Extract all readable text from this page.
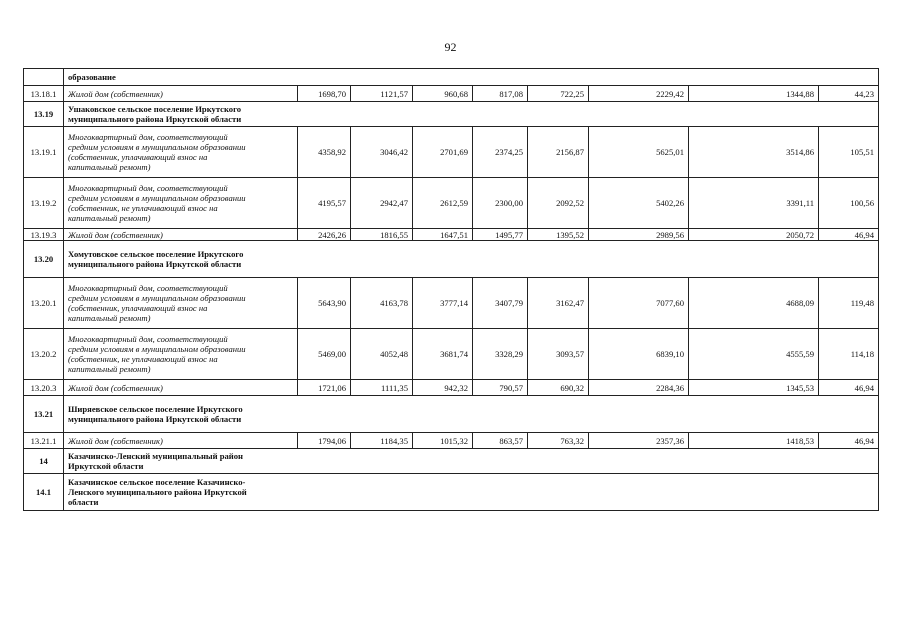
92

	образование								

13.18.1	Жилой дом (собственник)	1698,70	1121,57	960,68	817,08	722,25	2229,42	1344,88	44,23
13.19	Ушаковское сельское поселение Иркутского муниципального района Иркутской области								

13.19.1	Многоквартирный дом, соответствующий средним условиям в муниципальном образовании (собственник, уплачивающий взнос на капитальный ремонт)	4358,92	3046,42	2701,69	2374,25	2156,87	5625,01	3514,86	105,51
13.19.2	Многоквартирный дом, соответствующий средним условиям в муниципальном образовании (собственник, не уплачивающий взнос на капитальный ремонт)	4195,57	2942,47	2612,59	2300,00	2092,52	5402,26	3391,11	100,56
13.19.3	Жилой дом (собственник)	2426,26	1816,55	1647,51	1495,77	1395,52	2989,56	2050,72	46,94
13.20	Хомутовское сельское поселение Иркутского муниципального района Иркутской области								

13.20.1	Многоквартирный дом, соответствующий средним условиям в муниципальном образовании (собственник, уплачивающий взнос на капитальный ремонт)	5643,90	4163,78	3777,14	3407,79	3162,47	7077,60	4688,09	119,48
13.20.2	Многоквартирный дом, соответствующий средним условиям в муниципальном образовании (собственник, не уплачивающий взнос на капитальный ремонт)	5469,00	4052,48	3681,74	3328,29	3093,57	6839,10	4555,59	114,18
13.20.3	Жилой дом (собственник)	1721,06	1111,35	942,32	790,57	690,32	2284,36	1345,53	46,94
13.21	Ширяевское сельское поселение Иркутского муниципального района Иркутской области								

13.21.1	Жилой дом (собственник)	1794,06	1184,35	1015,32	863,57	763,32	2357,36	1418,53	46,94
14	Казачинско-Ленский муниципальный район Иркутской области								

14.1	Казачинское сельское поселение Казачинско-Ленского муниципального района Иркутской области								
